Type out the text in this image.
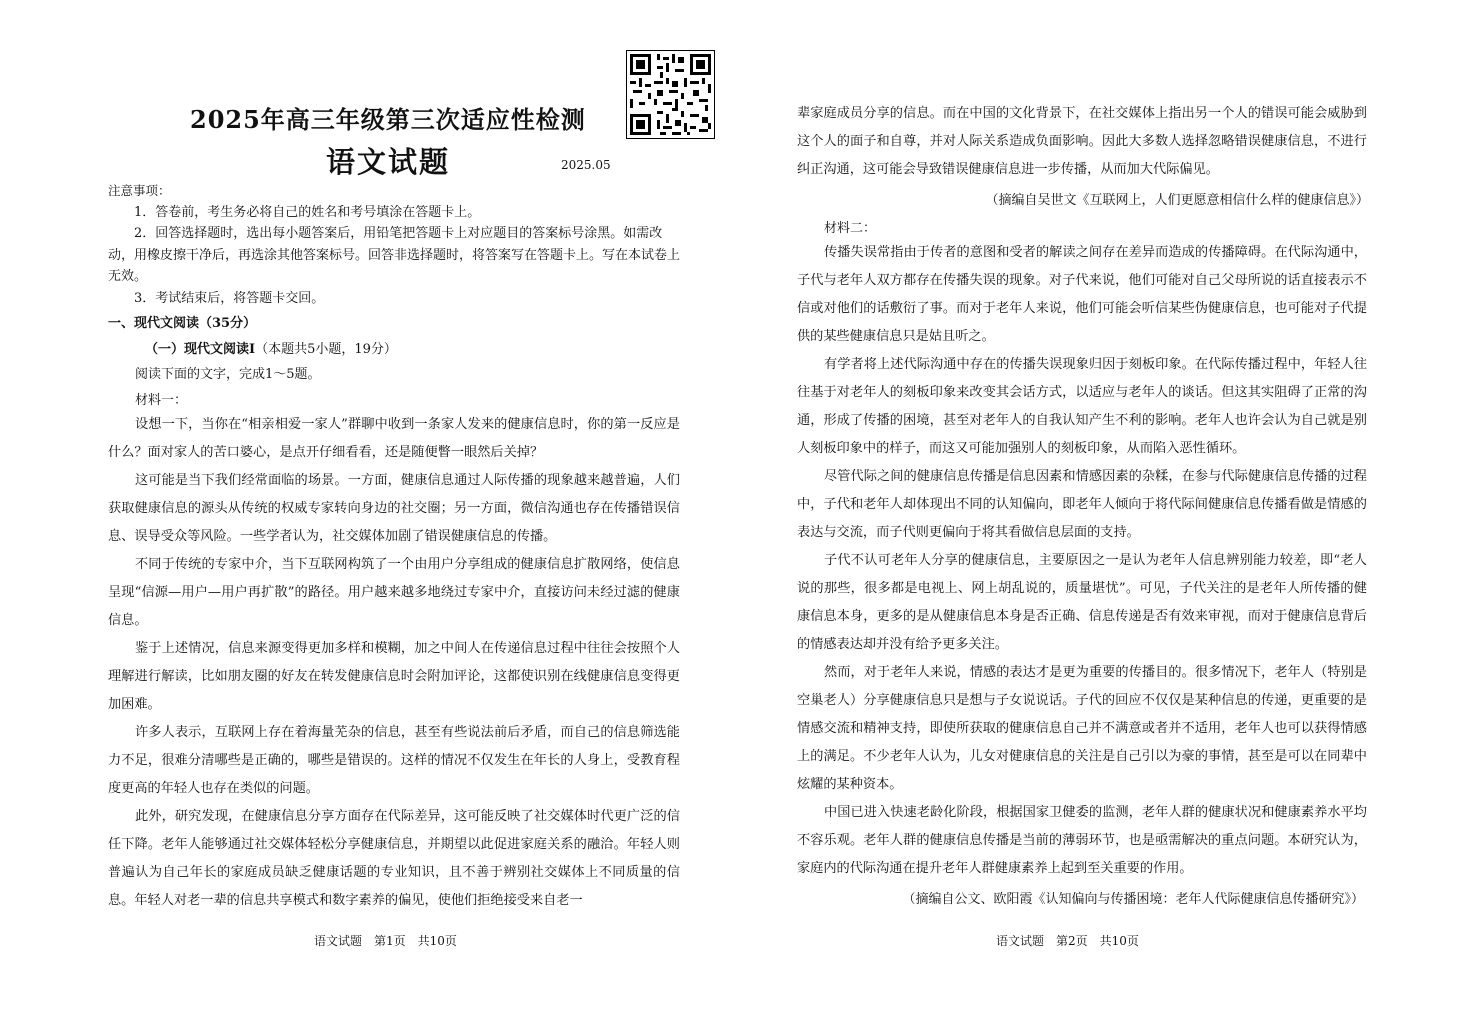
2025年高三年级第三次适应性检测
语文试题	2025.05
注意事项：
1．答卷前，考生务必将自己的姓名和考号填涂在答题卡上。
2．回答选择题时，选出每小题答案后，用铅笔把答题卡上对应题目的答案标号涂黑。如需改动，用橡皮擦干净后，再选涂其他答案标号。回答非选择题时，将答案写在答题卡上。写在本试卷上无效。
3．考试结束后，将答题卡交回。
一、现代文阅读（35分）
（一）现代文阅读Ⅰ（本题共5小题，19分）
阅读下面的文字，完成1～5题。
材料一：

设想一下，当你在“相亲相爱一家人”群聊中收到一条家人发来的健康信息时，你的第一反应是什么？面对家人的苦口婆心，是点开仔细看看，还是随便瞥一眼然后关掉？

这可能是当下我们经常面临的场景。一方面，健康信息通过人际传播的现象越来越普遍，人们获取健康信息的源头从传统的权威专家转向身边的社交圈；另一方面，微信沟通也存在传播错误信息、误导受众等风险。一些学者认为，社交媒体加剧了错误健康信息的传播。

不同于传统的专家中介，当下互联网构筑了一个由用户分享组成的健康信息扩散网络，使信息呈现“信源—用户—用户再扩散”的路径。用户越来越多地绕过专家中介，直接访问未经过滤的健康信息。

鉴于上述情况，信息来源变得更加多样和模糊，加之中间人在传递信息过程中往往会按照个人理解进行解读，比如朋友圈的好友在转发健康信息时会附加评论，这都使识别在线健康信息变得更加困难。

许多人表示，互联网上存在着海量芜杂的信息，甚至有些说法前后矛盾，而自己的信息筛选能力不足，很难分清哪些是正确的，哪些是错误的。这样的情况不仅发生在年长的人身上，受教育程度更高的年轻人也存在类似的问题。

此外，研究发现，在健康信息分享方面存在代际差异，这可能反映了社交媒体时代更广泛的信任下降。老年人能够通过社交媒体轻松分享健康信息，并期望以此促进家庭关系的融洽。年轻人则普遍认为自己年长的家庭成员缺乏健康话题的专业知识，且不善于辨别社交媒体上不同质量的信息。年轻人对老一辈的信息共享模式和数字素养的偏见，使他们拒绝接受来自老一

语文试题　第1页　共10页

辈家庭成员分享的信息。而在中国的文化背景下，在社交媒体上指出另一个人的错误可能会威胁到这个人的面子和自尊，并对人际关系造成负面影响。因此大多数人选择忽略错误健康信息，不进行纠正沟通，这可能会导致错误健康信息进一步传播，从而加大代际偏见。

（摘编自吴世文《互联网上，人们更愿意相信什么样的健康信息》）
材料二：

传播失误常指由于传者的意图和受者的解读之间存在差异而造成的传播障碍。在代际沟通中，子代与老年人双方都存在传播失误的现象。对子代来说，他们可能对自己父母所说的话直接表示不信或对他们的话敷衍了事。而对于老年人来说，他们可能会听信某些伪健康信息，也可能对子代提供的某些健康信息只是姑且听之。

有学者将上述代际沟通中存在的传播失误现象归因于刻板印象。在代际传播过程中，年轻人往往基于对老年人的刻板印象来改变其会话方式，以适应与老年人的谈话。但这其实阻碍了正常的沟通，形成了传播的困境，甚至对老年人的自我认知产生不利的影响。老年人也许会认为自己就是别人刻板印象中的样子，而这又可能加强别人的刻板印象，从而陷入恶性循环。

尽管代际之间的健康信息传播是信息因素和情感因素的杂糅，在参与代际健康信息传播的过程中，子代和老年人却体现出不同的认知偏向，即老年人倾向于将代际间健康信息传播看做是情感的表达与交流，而子代则更偏向于将其看做信息层面的支持。

子代不认可老年人分享的健康信息，主要原因之一是认为老年人信息辨别能力较差，即“老人说的那些，很多都是电视上、网上胡乱说的，质量堪忧”。可见，子代关注的是老年人所传播的健康信息本身，更多的是从健康信息本身是否正确、信息传递是否有效来审视，而对于健康信息背后的情感表达却并没有给予更多关注。

然而，对于老年人来说，情感的表达才是更为重要的传播目的。很多情况下，老年人（特别是空巢老人）分享健康信息只是想与子女说说话。子代的回应不仅仅是某种信息的传递，更重要的是情感交流和精神支持，即使所获取的健康信息自己并不满意或者并不适用，老年人也可以获得情感上的满足。不少老年人认为，儿女对健康信息的关注是自己引以为豪的事情，甚至是可以在同辈中炫耀的某种资本。

中国已进入快速老龄化阶段，根据国家卫健委的监测，老年人群的健康状况和健康素养水平均不容乐观。老年人群的健康信息传播是当前的薄弱环节，也是亟需解决的重点问题。本研究认为，家庭内的代际沟通在提升老年人群健康素养上起到至关重要的作用。

（摘编自公文、欧阳霞《认知偏向与传播困境：老年人代际健康信息传播研究》）
语文试题　第2页　共10页
